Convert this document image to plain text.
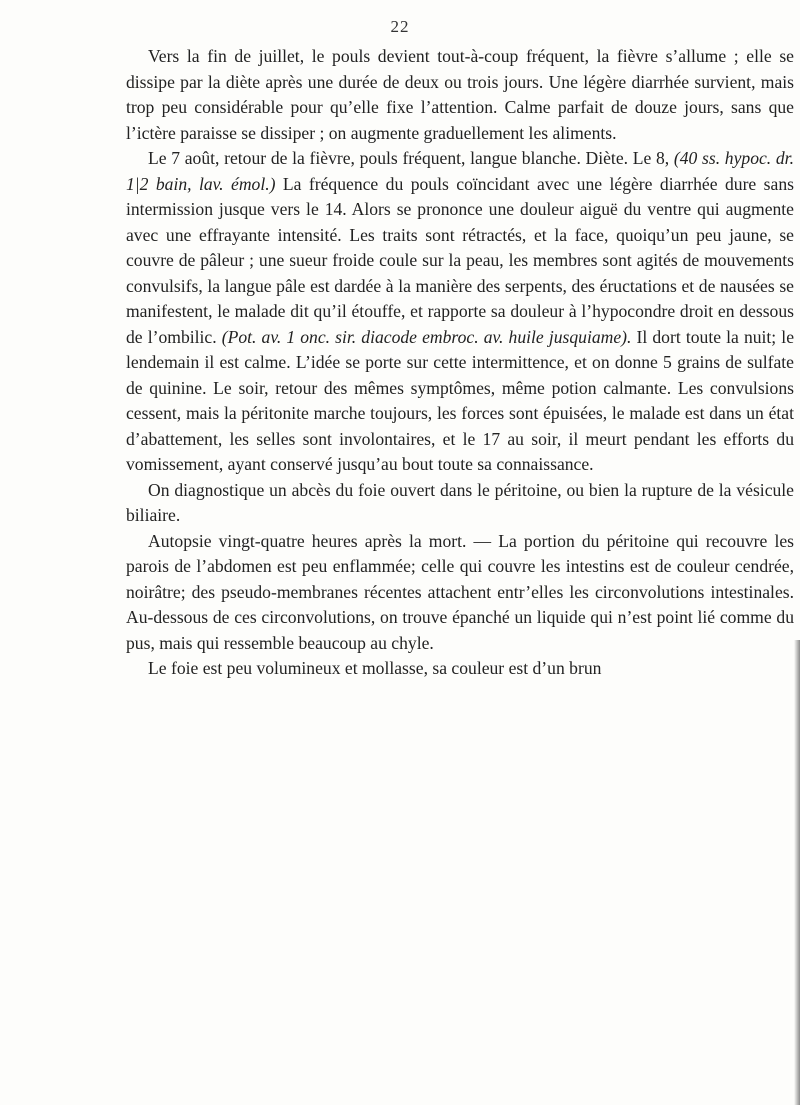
22

Vers la fin de juillet, le pouls devient tout-à-coup fréquent, la fièvre s’allume ; elle se dissipe par la diète après une durée de deux ou trois jours. Une légère diarrhée survient, mais trop peu considérable pour qu’elle fixe l’attention. Calme parfait de douze jours, sans que l’ictère paraisse se dissiper ; on augmente graduellement les aliments.

Le 7 août, retour de la fièvre, pouls fréquent, langue blanche. Diète. Le 8, (40 ss. hypoc. dr. 1|2 bain, lav. émol.) La fréquence du pouls coïncidant avec une légère diarrhée dure sans intermission jusque vers le 14. Alors se prononce une douleur aiguë du ventre qui augmente avec une effrayante intensité. Les traits sont rétractés, et la face, quoiqu’un peu jaune, se couvre de pâleur ; une sueur froide coule sur la peau, les membres sont agités de mouvements convulsifs, la langue pâle est dardée à la manière des serpents, des éructations et de nausées se manifestent, le malade dit qu’il étouffe, et rapporte sa douleur à l’hypocondre droit en dessous de l’ombilic. (Pot. av. 1 onc. sir. diacode embroc. av. huile jusquiame). Il dort toute la nuit; le lendemain il est calme. L’idée se porte sur cette intermittence, et on donne 5 grains de sulfate de quinine. Le soir, retour des mêmes symptômes, même potion calmante. Les convulsions cessent, mais la péritonite marche toujours, les forces sont épuisées, le malade est dans un état d’abattement, les selles sont involontaires, et le 17 au soir, il meurt pendant les efforts du vomissement, ayant conservé jusqu’au bout toute sa connaissance.

On diagnostique un abcès du foie ouvert dans le péritoine, ou bien la rupture de la vésicule biliaire.

Autopsie vingt-quatre heures après la mort. — La portion du péritoine qui recouvre les parois de l’abdomen est peu enflammée; celle qui couvre les intestins est de couleur cendrée, noirâtre; des pseudo-membranes récentes attachent entr’elles les circonvolutions intestinales. Au-dessous de ces circonvolutions, on trouve épanché un liquide qui n’est point lié comme du pus, mais qui ressemble beaucoup au chyle.

Le foie est peu volumineux et mollasse, sa couleur est d’un brun
